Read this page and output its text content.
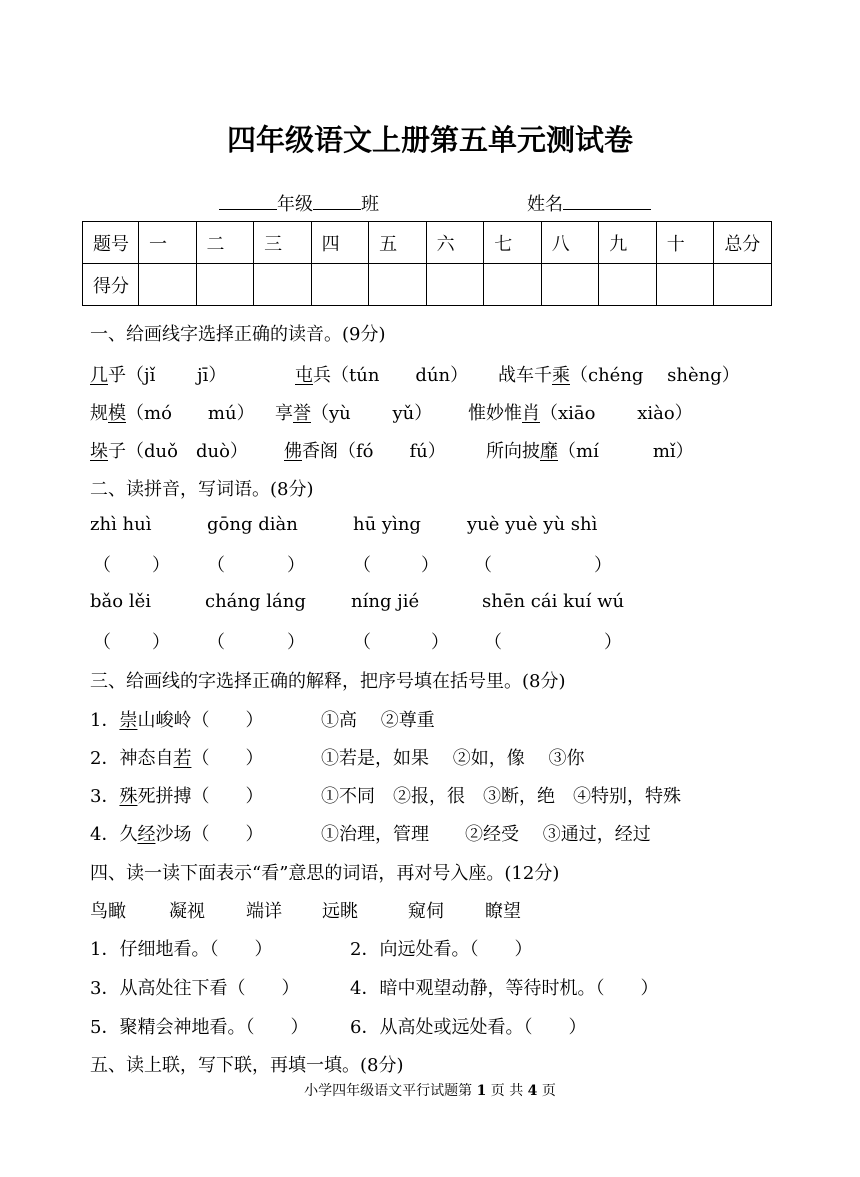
四年级语文上册第五单元测试卷
年级	班	姓名
题号	一	二	三	四	五	六	七	八	九	十	总分
得分											
一、给画线字选择正确的读音。(9分)
几乎（jǐ　　 jī）	屯兵（tún　　dún） 战车千乘（chéng　 shèng）
规模（mó　　mú） 享誉（yù　　 yǔ） 惟妙惟肖（xiāo　　 xiào）
垛子（duǒ　duò） 佛香阁（fó　　fú） 所向披靡（mí　　　mǐ）
二、读拼音，写词语。(8分)
zhì huì	gōng diàn	hū yìng	yuè yuè yù shì
（ ） （	）	（	） （	）
bǎo lěi	cháng láng	níng jié	shēn cái kuí wú
（ ） （	）	（	） （	）
三、给画线的字选择正确的解释，把序号填在括号里。(8分)
1．崇山峻岭（　　）	①高　 ②尊重
2．神态自若（　　）	①若是，如果　 ②如，像　 ③你
3．殊死拼搏（　　）	①不同　②报，很　③断，绝　④特别，特殊
4．久经沙场（　　）	①治理，管理　　②经受　 ③通过，经过
四、读一读下面表示“看”意思的词语，再对号入座。(12分)
鸟瞰 凝视 端详 远眺	窥伺 瞭望
1．仔细地看。（　　）	2．向远处看。（　　）
3．从高处往下看（　　）	4．暗中观望动静，等待时机。（　　）
5．聚精会神地看。（　　） 6．从高处或远处看。（　　）
五、读上联，写下联，再填一填。(8分)
小学四年级语文平行试题第 1 页 共 4 页
